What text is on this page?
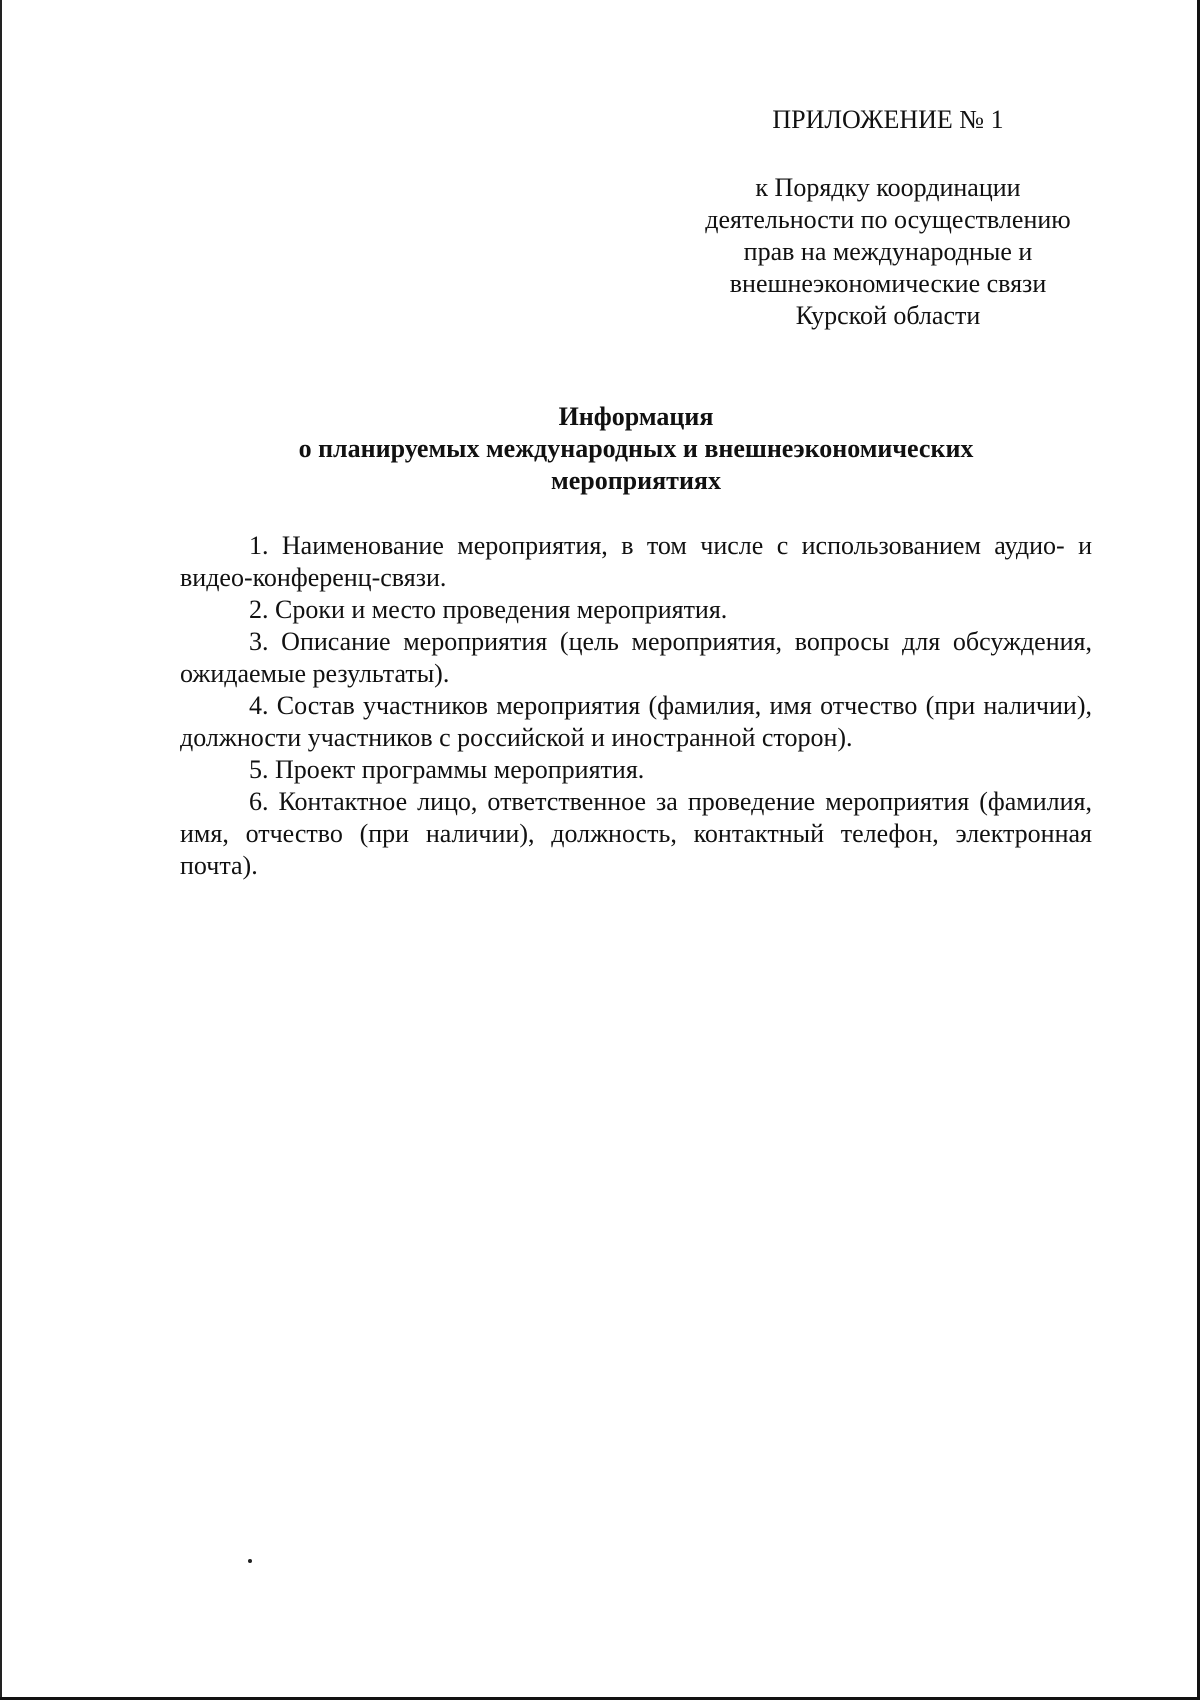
ПРИЛОЖЕНИЕ № 1
к Порядку координации
деятельности по осуществлению
прав на международные и
внешнеэкономические связи
Курской области
Информация
о планируемых международных и внешнеэкономических
мероприятиях

1. Наименование мероприятия, в том числе с использованием аудио- и видео-конференц-связи.

2. Сроки и место проведения мероприятия.

3. Описание мероприятия (цель мероприятия, вопросы для обсуждения, ожидаемые результаты).

4. Состав участников мероприятия (фамилия, имя отчество (при наличии), должности участников с российской и иностранной сторон).

5. Проект программы мероприятия.

6. Контактное лицо, ответственное за проведение мероприятия (фамилия, имя, отчество (при наличии), должность, контактный телефон, электронная почта).
